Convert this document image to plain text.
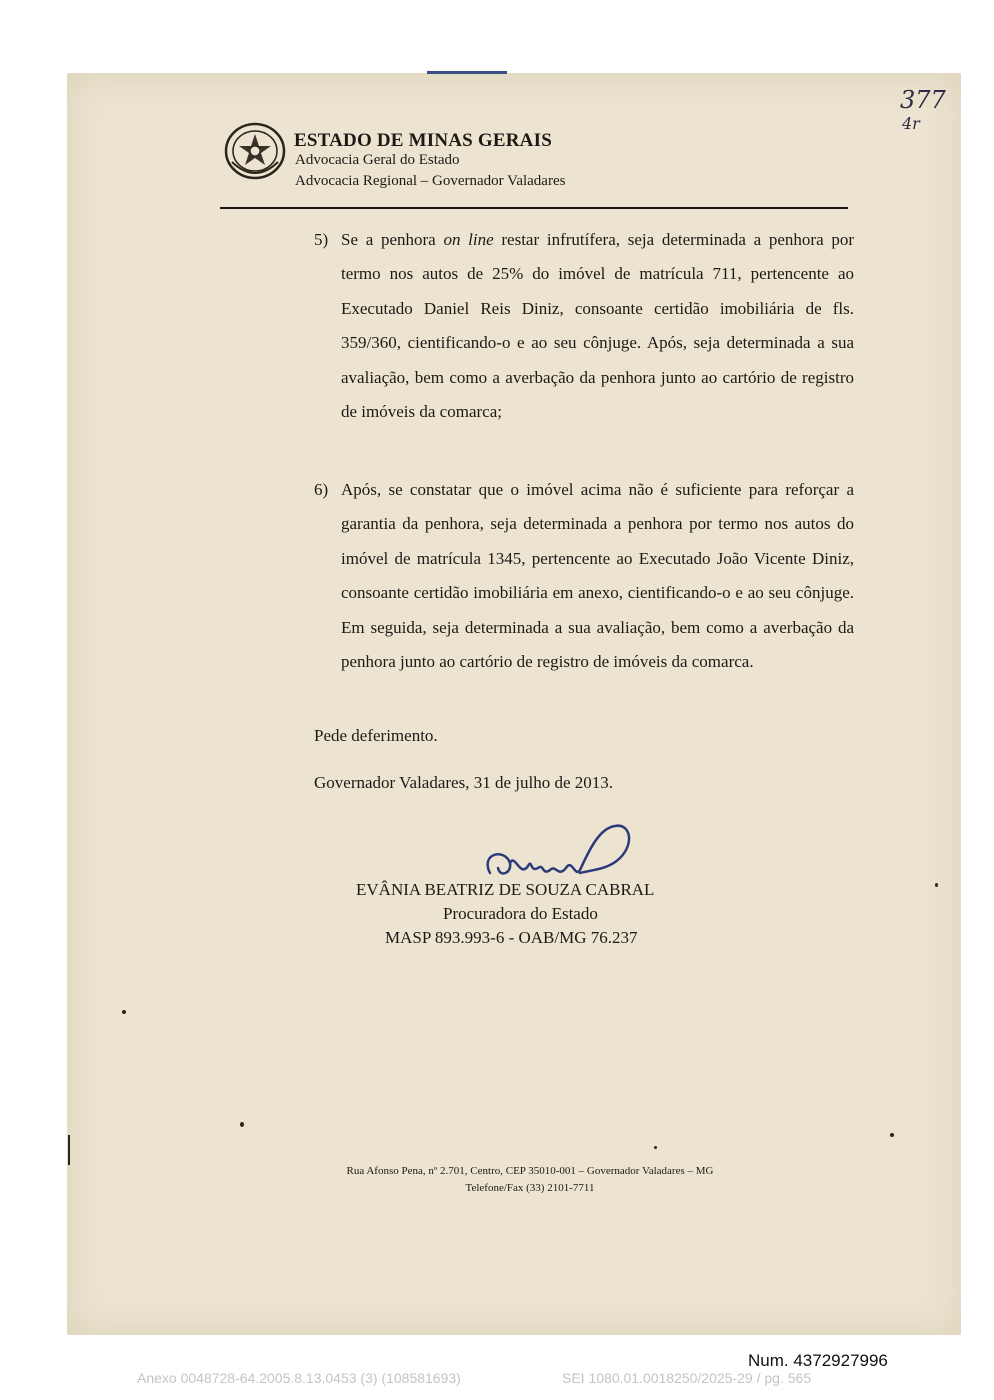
377
4r
ESTADO DE MINAS GERAIS
Advocacia Geral do Estado
Advocacia Regional – Governador Valadares
5) Se a penhora on line restar infrutífera, seja determinada a penhora por termo nos autos de 25% do imóvel de matrícula 711, pertencente ao Executado Daniel Reis Diniz, consoante certidão imobiliária de fls. 359/360, cientificando-o e ao seu cônjuge. Após, seja determinada a sua avaliação, bem como a averbação da penhora junto ao cartório de registro de imóveis da comarca;
6) Após, se constatar que o imóvel acima não é suficiente para reforçar a garantia da penhora, seja determinada a penhora por termo nos autos do imóvel de matrícula 1345, pertencente ao Executado João Vicente Diniz, consoante certidão imobiliária em anexo, cientificando-o e ao seu cônjuge. Em seguida, seja determinada a sua avaliação, bem como a averbação da penhora junto ao cartório de registro de imóveis da comarca.
Pede deferimento.
Governador Valadares, 31 de julho de 2013.
EVÂNIA BEATRIZ DE SOUZA CABRAL
Procuradora do Estado
MASP 893.993-6 - OAB/MG 76.237
Rua Afonso Pena, nº 2.701, Centro, CEP 35010-001 – Governador Valadares – MG
Telefone/Fax (33) 2101-7711
Num. 4372927996
Anexo 0048728-64.2005.8.13.0453 (3) (108581693)	SEI 1080.01.0018250/2025-29 / pg. 565
